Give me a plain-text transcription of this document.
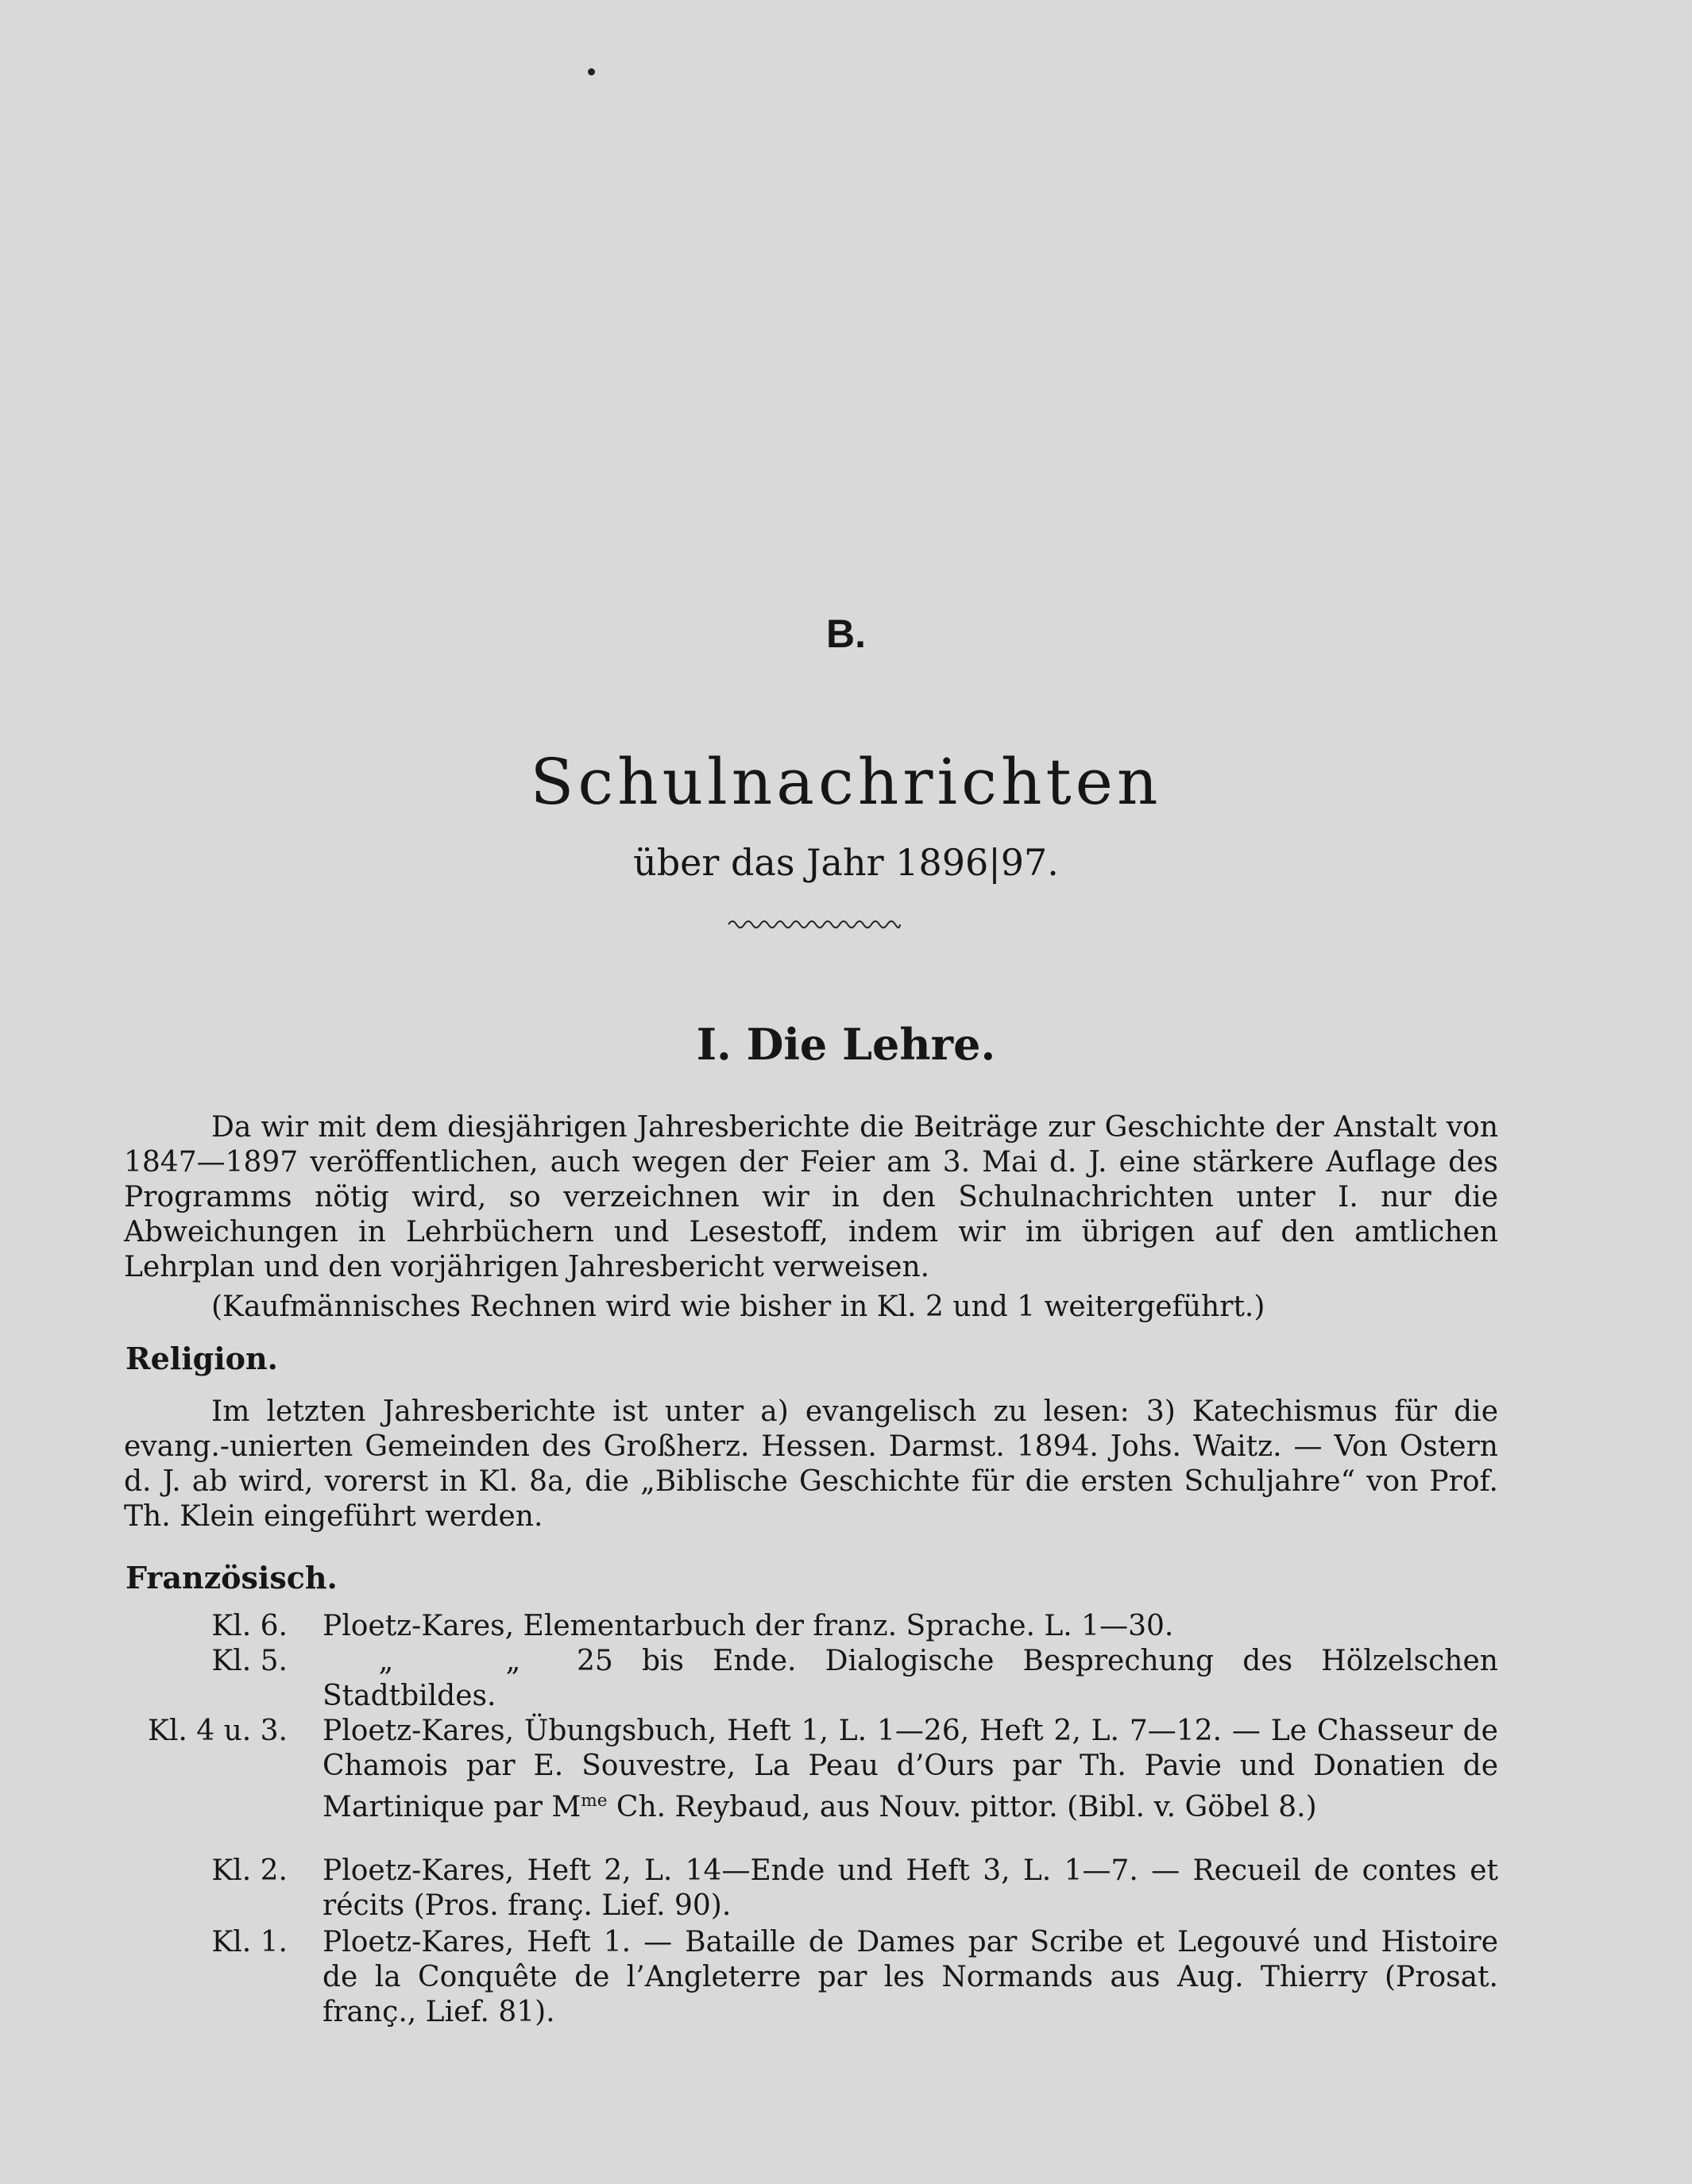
B.
Schulnachrichten
über das Jahr 1896|97.
I. Die Lehre.

Da wir mit dem diesjährigen Jahresberichte die Beiträge zur Geschichte der Anstalt von 1847—1897 veröffentlichen, auch wegen der Feier am 3. Mai d. J. eine stärkere Auflage des Programms nötig wird, so verzeichnen wir in den Schulnachrichten unter I. nur die Abweichungen in Lehrbüchern und Lesestoff, indem wir im übrigen auf den amtlichen Lehrplan und den vorjährigen Jahresbericht verweisen.

(Kaufmännisches Rechnen wird wie bisher in Kl. 2 und 1 weitergeführt.)
Religion.

Im letzten Jahresberichte ist unter a) evangelisch zu lesen: 3) Katechismus für die evang.-unierten Gemeinden des Großherz. Hessen. Darmst. 1894. Johs. Waitz. — Von Ostern d. J. ab wird, vorerst in Kl. 8a, die „Biblische Geschichte für die ersten Schuljahre“ von Prof. Th. Klein eingeführt werden.

Französisch.
Kl. 6.	Ploetz-Kares, Elementarbuch der franz. Sprache. L. 1—30.
Kl. 5.	„	„ 25 bis Ende. Dialogische Besprechung des Hölzelschen Stadtbildes.
Kl. 4 u. 3.	Ploetz-Kares, Übungsbuch, Heft 1, L. 1—26, Heft 2, L. 7—12. — Le Chasseur de Chamois par E. Souvestre, La Peau d’Ours par Th. Pavie und Donatien de Martinique par $M^{me}$ Ch. Reybaud, aus Nouv. pittor. (Bibl. v. Göbel 8.)
Kl. 2.	Ploetz-Kares, Heft 2, L. 14—Ende und Heft 3, L. 1—7. — Recueil de contes et récits (Pros. franç. Lief. 90).
Kl. 1.	Ploetz-Kares, Heft 1. — Bataille de Dames par Scribe et Legouvé und Histoire de la Conquête de l’Angleterre par les Normands aus Aug. Thierry (Prosat. franç., Lief. 81).
